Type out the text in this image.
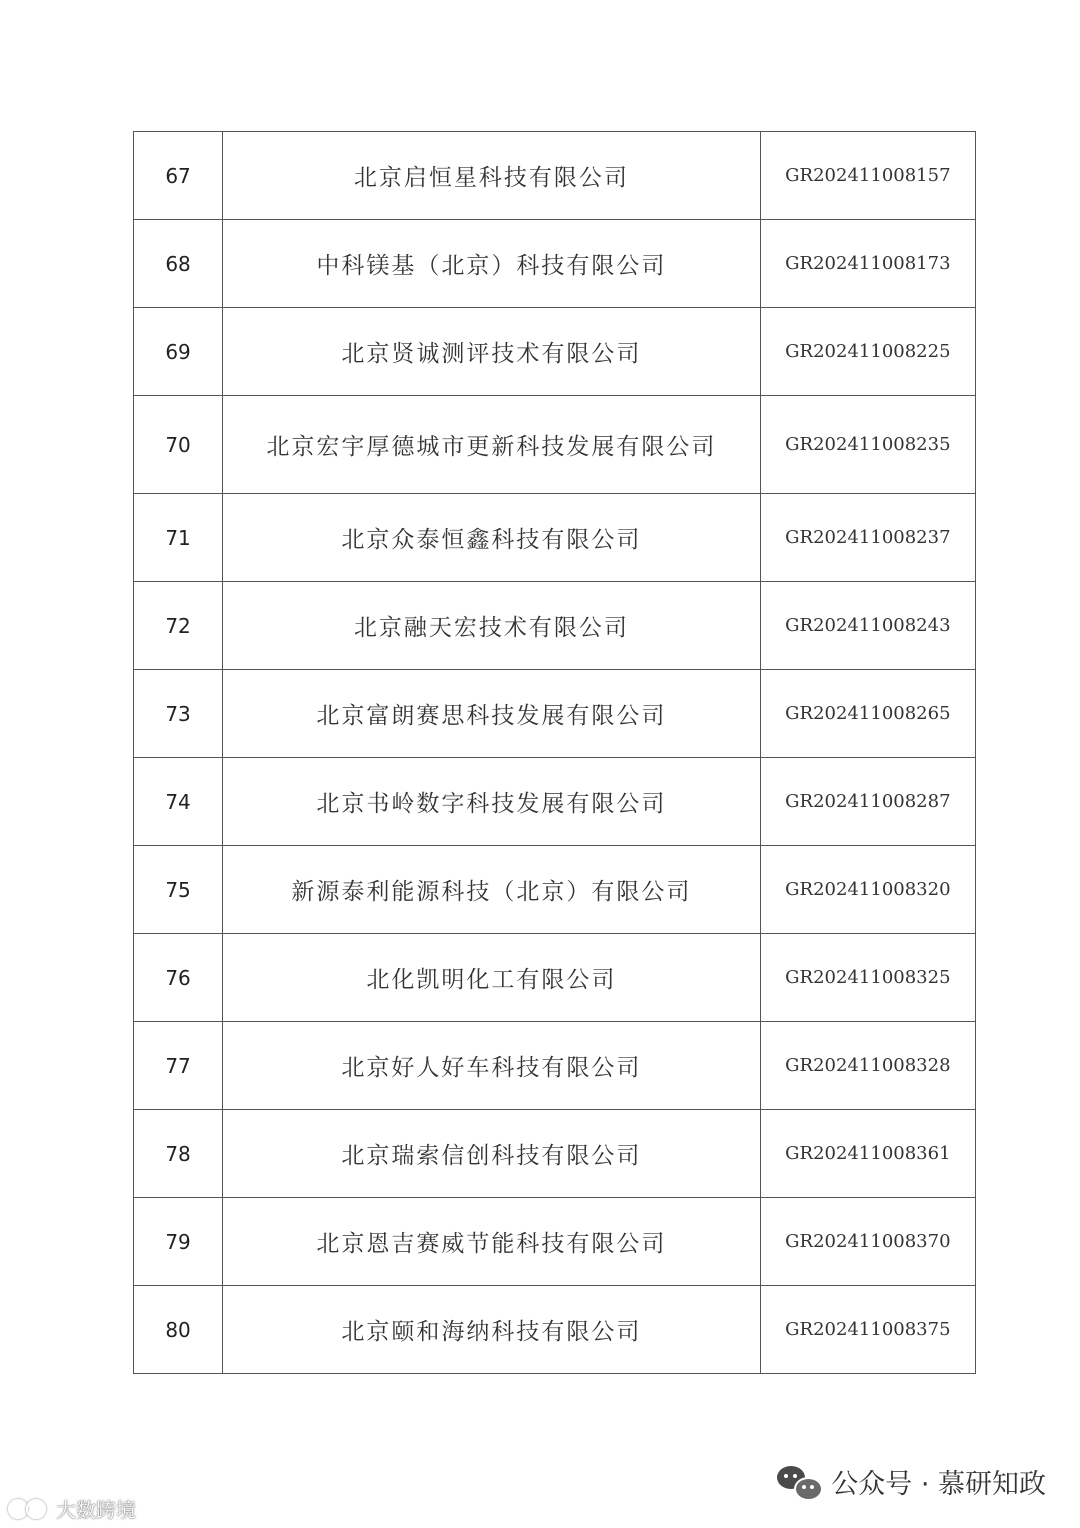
67	北京启恒星科技有限公司	GR202411008157
68	中科镁基（北京）科技有限公司	GR202411008173
69	北京贤诚测评技术有限公司	GR202411008225
70	北京宏宇厚德城市更新科技发展有限公司	GR202411008235
71	北京众泰恒鑫科技有限公司	GR202411008237
72	北京融天宏技术有限公司	GR202411008243
73	北京富朗赛思科技发展有限公司	GR202411008265
74	北京书岭数字科技发展有限公司	GR202411008287
75	新源泰利能源科技（北京）有限公司	GR202411008320
76	北化凯明化工有限公司	GR202411008325
77	北京好人好车科技有限公司	GR202411008328
78	北京瑞索信创科技有限公司	GR202411008361
79	北京恩吉赛威节能科技有限公司	GR202411008370
80	北京颐和海纳科技有限公司	GR202411008375
大数跨境
公众号 · 慕研知政
